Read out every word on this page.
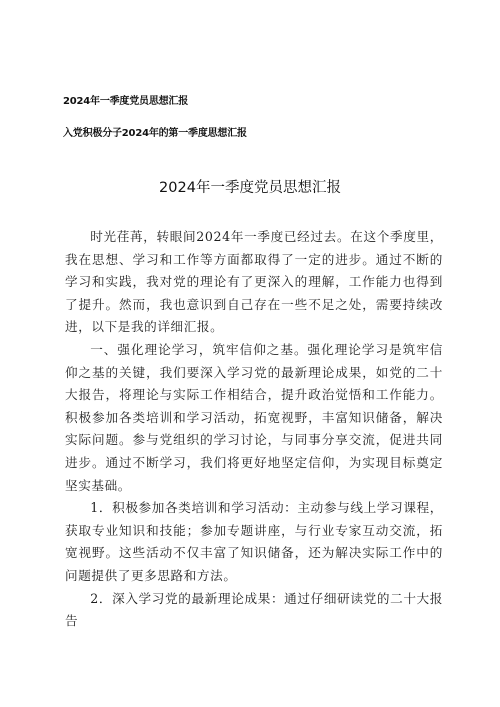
2024年一季度党员思想汇报
入党积极分子2024年的第一季度思想汇报
2024年一季度党员思想汇报

时光荏苒，转眼间2024年一季度已经过去。在这个季度里，我在思想、学习和工作等方面都取得了一定的进步。通过不断的学习和实践，我对党的理论有了更深入的理解，工作能力也得到了提升。然而，我也意识到自己存在一些不足之处，需要持续改进，以下是我的详细汇报。

一、强化理论学习，筑牢信仰之基。强化理论学习是筑牢信仰之基的关键，我们要深入学习党的最新理论成果，如党的二十大报告，将理论与实际工作相结合，提升政治觉悟和工作能力。积极参加各类培训和学习活动，拓宽视野，丰富知识储备，解决实际问题。参与党组织的学习讨论，与同事分享交流，促进共同进步。通过不断学习，我们将更好地坚定信仰，为实现目标奠定坚实基础。

1．积极参加各类培训和学习活动：主动参与线上学习课程，获取专业知识和技能；参加专题讲座，与行业专家互动交流，拓宽视野。这些活动不仅丰富了知识储备，还为解决实际工作中的问题提供了更多思路和方法。

2．深入学习党的最新理论成果：通过仔细研读党的二十大报告
